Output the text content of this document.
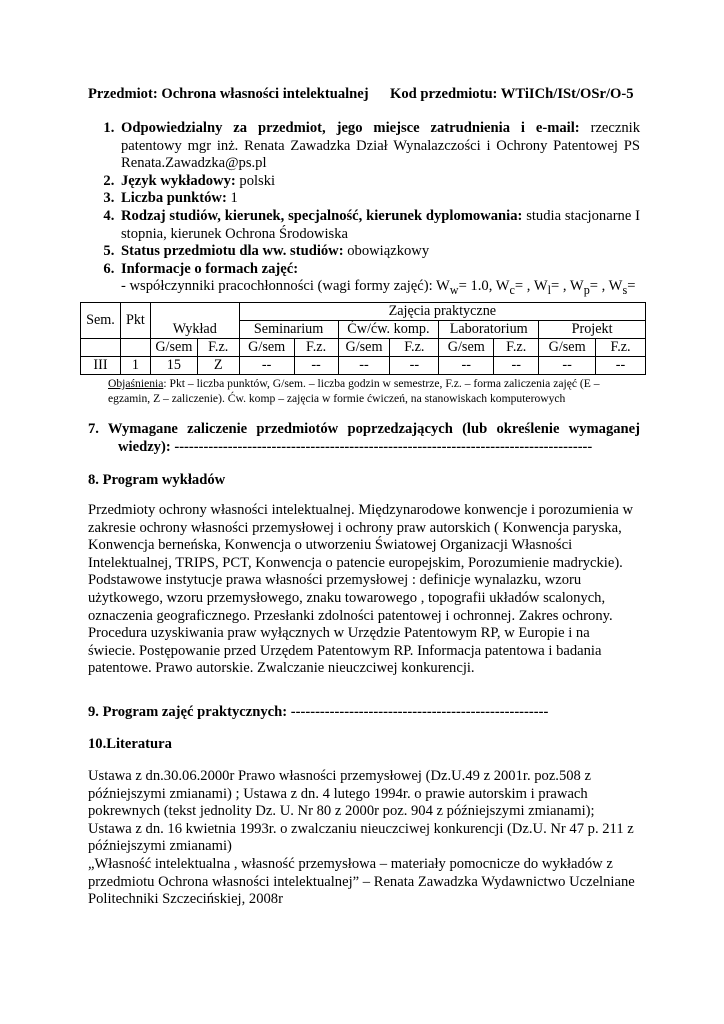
Przedmiot: Ochrona własności intelektualnej Kod przedmiotu: WTiICh/ISt/OSr/O-5
1. Odpowiedzialny za przedmiot, jego miejsce zatrudnienia i e-mail: rzecznik patentowy mgr inż. Renata Zawadzka Dział Wynalazczości i Ochrony Patentowej PS Renata.Zawadzka@ps.pl
2. Język wykładowy: polski
3. Liczba punktów: 1
4. Rodzaj studiów, kierunek, specjalność, kierunek dyplomowania: studia stacjonarne I stopnia, kierunek Ochrona Środowiska
5. Status przedmiotu dla ww. studiów: obowiązkowy
6. Informacje o formach zajęć:
- współczynniki pracochłonności (wagi formy zajęć): $W_w= 1.0$, $W_c=$ , $W_l=$ , $W_p=$ , $W_s=$
Sem.	Pkt	Wykład		Zajęcia praktyczne							
				Seminarium		Ćw/ćw. komp.		Laboratorium		Projekt	
		G/sem	F.z.	G/sem	F.z.	G/sem	F.z.	G/sem	F.z.	G/sem	F.z.
III	1	15	Z	--	--	--	--	--	--	--	--
Objaśnienia: Pkt – liczba punktów, G/sem. – liczba godzin w semestrze, F.z. – forma zaliczenia zajęć (E – egzamin, Z – zaliczenie). Ćw. komp – zajęcia w formie ćwiczeń, na stanowiskach komputerowych
7. Wymagane zaliczenie przedmiotów poprzedzających (lub określenie wymaganej wiedzy): --------------------------------------------------------------------------------------
8. Program wykładów
Przedmioty ochrony własności intelektualnej. Międzynarodowe konwencje i porozumienia w zakresie ochrony własności przemysłowej i ochrony praw autorskich ( Konwencja paryska, Konwencja berneńska, Konwencja o utworzeniu Światowej Organizacji Własności Intelektualnej, TRIPS, PCT, Konwencja o patencie europejskim, Porozumienie madryckie). Podstawowe instytucje prawa własności przemysłowej : definicje wynalazku, wzoru użytkowego, wzoru przemysłowego, znaku towarowego , topografii układów scalonych, oznaczenia geograficznego. Przesłanki zdolności patentowej i ochronnej. Zakres ochrony. Procedura uzyskiwania praw wyłącznych w Urzędzie Patentowym RP, w Europie i na świecie. Postępowanie przed Urzędem Patentowym RP. Informacja patentowa i badania patentowe. Prawo autorskie. Zwalczanie nieuczciwej konkurencji.
9. Program zajęć praktycznych: -----------------------------------------------------
10.Literatura

Ustawa z dn.30.06.2000r Prawo własności przemysłowej (Dz.U.49 z 2001r. poz.508 z późniejszymi zmianami) ; Ustawa z dn. 4 lutego 1994r. o prawie autorskim i prawach pokrewnych (tekst jednolity Dz. U. Nr 80 z 2000r poz. 904 z późniejszymi zmianami); Ustawa z dn. 16 kwietnia 1993r. o zwalczaniu nieuczciwej konkurencji (Dz.U. Nr 47 p. 211 z późniejszymi zmianami)

„Własność intelektualna , własność przemysłowa – materiały pomocnicze do wykładów z przedmiotu Ochrona własności intelektualnej” – Renata Zawadzka Wydawnictwo Uczelniane Politechniki Szczecińskiej, 2008r
